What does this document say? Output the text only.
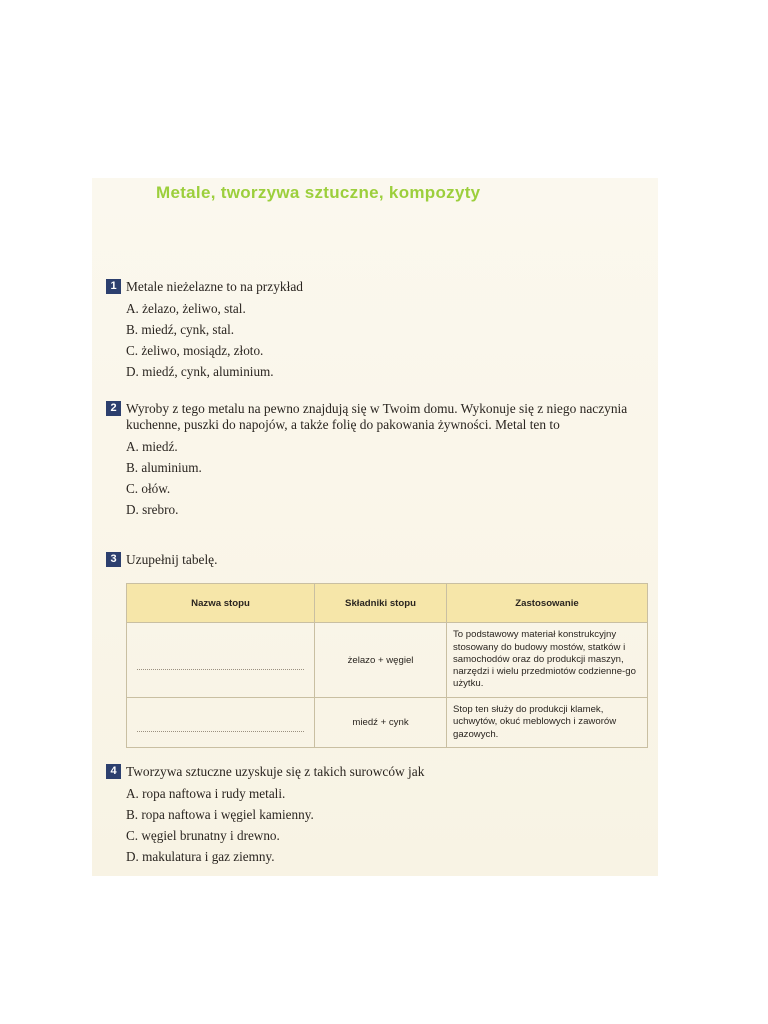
Metale, tworzywa sztuczne, kompozyty
1 Metale nieżelazne to na przykład
A. żelazo, żeliwo, stal.
B. miedź, cynk, stal.
C. żeliwo, mosiądz, złoto.
D. miedź, cynk, aluminium.
2 Wyroby z tego metalu na pewno znajdują się w Twoim domu. Wykonuje się z niego naczynia kuchenne, puszki do napojów, a także folię do pakowania żywności. Metal ten to
A. miedź.
B. aluminium.
C. ołów.
D. srebro.
3 Uzupełnij tabelę.
Nazwa stopu	Składniki stopu	Zastosowanie

	żelazo + węgiel	To podstawowy materiał konstrukcyjny stosowany do budowy mostów, statków i samochodów oraz do produkcji maszyn, narzędzi i wielu przedmiotów codzienne-go użytku.

	miedź + cynk	Stop ten służy do produkcji klamek, uchwytów, okuć meblowych i zaworów gazowych.
4 Tworzywa sztuczne uzyskuje się z takich surowców jak
A. ropa naftowa i rudy metali.
B. ropa naftowa i węgiel kamienny.
C. węgiel brunatny i drewno.
D. makulatura i gaz ziemny.
